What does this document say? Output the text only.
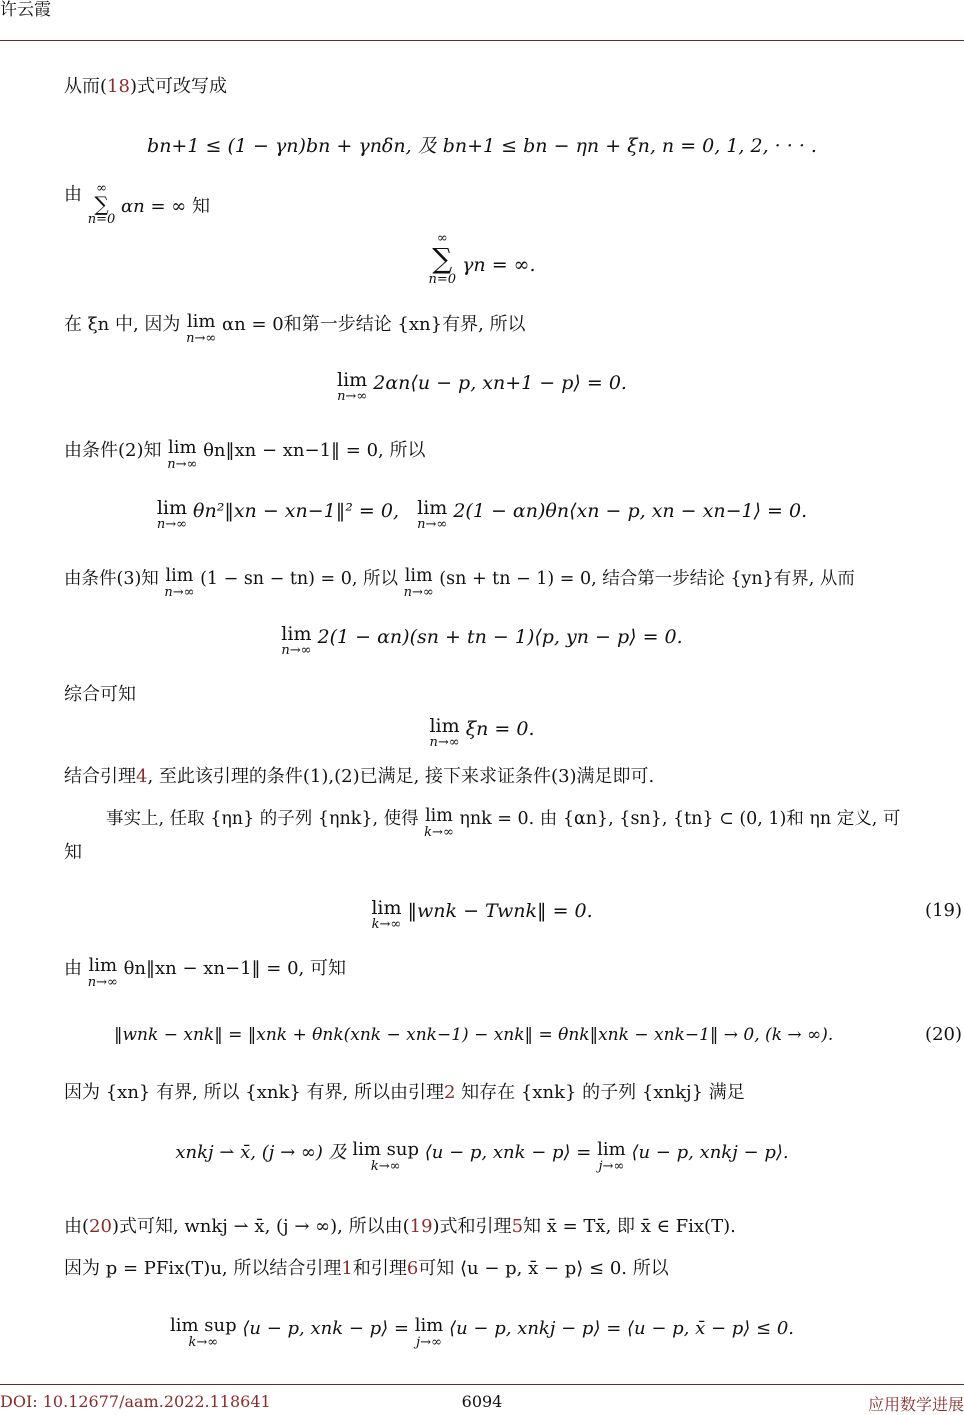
许云霞
从而(18)式可改写成
bn+1 ≤ (1 − γn)bn + γnδn, 及 bn+1 ≤ bn − ηn + ξn, n = 0, 1, 2, · · · .
由	∞
∑
n=0
αn = ∞ 知
∞
∑
n=0
γn = ∞.
在 ξn 中, 因为 lim
n→∞
αn = 0和第一步结论 {xn}有界, 所以
lim
n→∞
2αn⟨u − p, xn+1 − p⟩ = 0.
由条件(2)知 lim
n→∞
θn‖xn − xn−1‖ = 0, 所以
lim
n→∞
θn²‖xn − xn−1‖² = 0, lim
n→∞
2(1 − αn)θn⟨xn − p, xn − xn−1⟩ = 0.
由条件(3)知 lim
n→∞
(1 − sn − tn) = 0, 所以 lim
n→∞
(sn + tn − 1) = 0, 结合第一步结论 {yn}有界, 从而
lim
n→∞
2(1 − αn)(sn + tn − 1)⟨p, yn − p⟩ = 0.
综合可知
lim
n→∞
ξn = 0.
结合引理4, 至此该引理的条件(1),(2)已满足, 接下来求证条件(3)满足即可.
事实上, 任取 {ηn} 的子列 {ηnk}, 使得 lim
k→∞
ηnk = 0. 由 {αn}, {sn}, {tn} ⊂ (0, 1)和 ηn 定义, 可
知
lim
k→∞
‖wnk − Twnk‖ = 0.	(19)
由 lim
n→∞
θn‖xn − xn−1‖ = 0, 可知
‖wnk − xnk‖ = ‖xnk + θnk(xnk − xnk−1) − xnk‖ = θnk‖xnk − xnk−1‖ → 0, (k → ∞).	(20)
因为 {xn} 有界, 所以 {xnk} 有界, 所以由引理2 知存在 {xnk} 的子列 {xnkj} 满足
xnkj ⇀ x̄, (j → ∞) 及 lim sup
k→∞
⟨u − p, xnk − p⟩ = lim
j→∞
⟨u − p, xnkj − p⟩.
由(20)式可知, wnkj ⇀ x̄, (j → ∞), 所以由(19)式和引理5知 x̄ = Tx̄, 即 x̄ ∈ Fix(T).
因为 p = PFix(T)u, 所以结合引理1和引理6可知 ⟨u − p, x̄ − p⟩ ≤ 0. 所以
lim sup
k→∞
⟨u − p, xnk − p⟩ = lim
j→∞
⟨u − p, xnkj − p⟩ = ⟨u − p, x̄ − p⟩ ≤ 0.
DOI: 10.12677/aam.2022.118641	6094	应用数学进展
